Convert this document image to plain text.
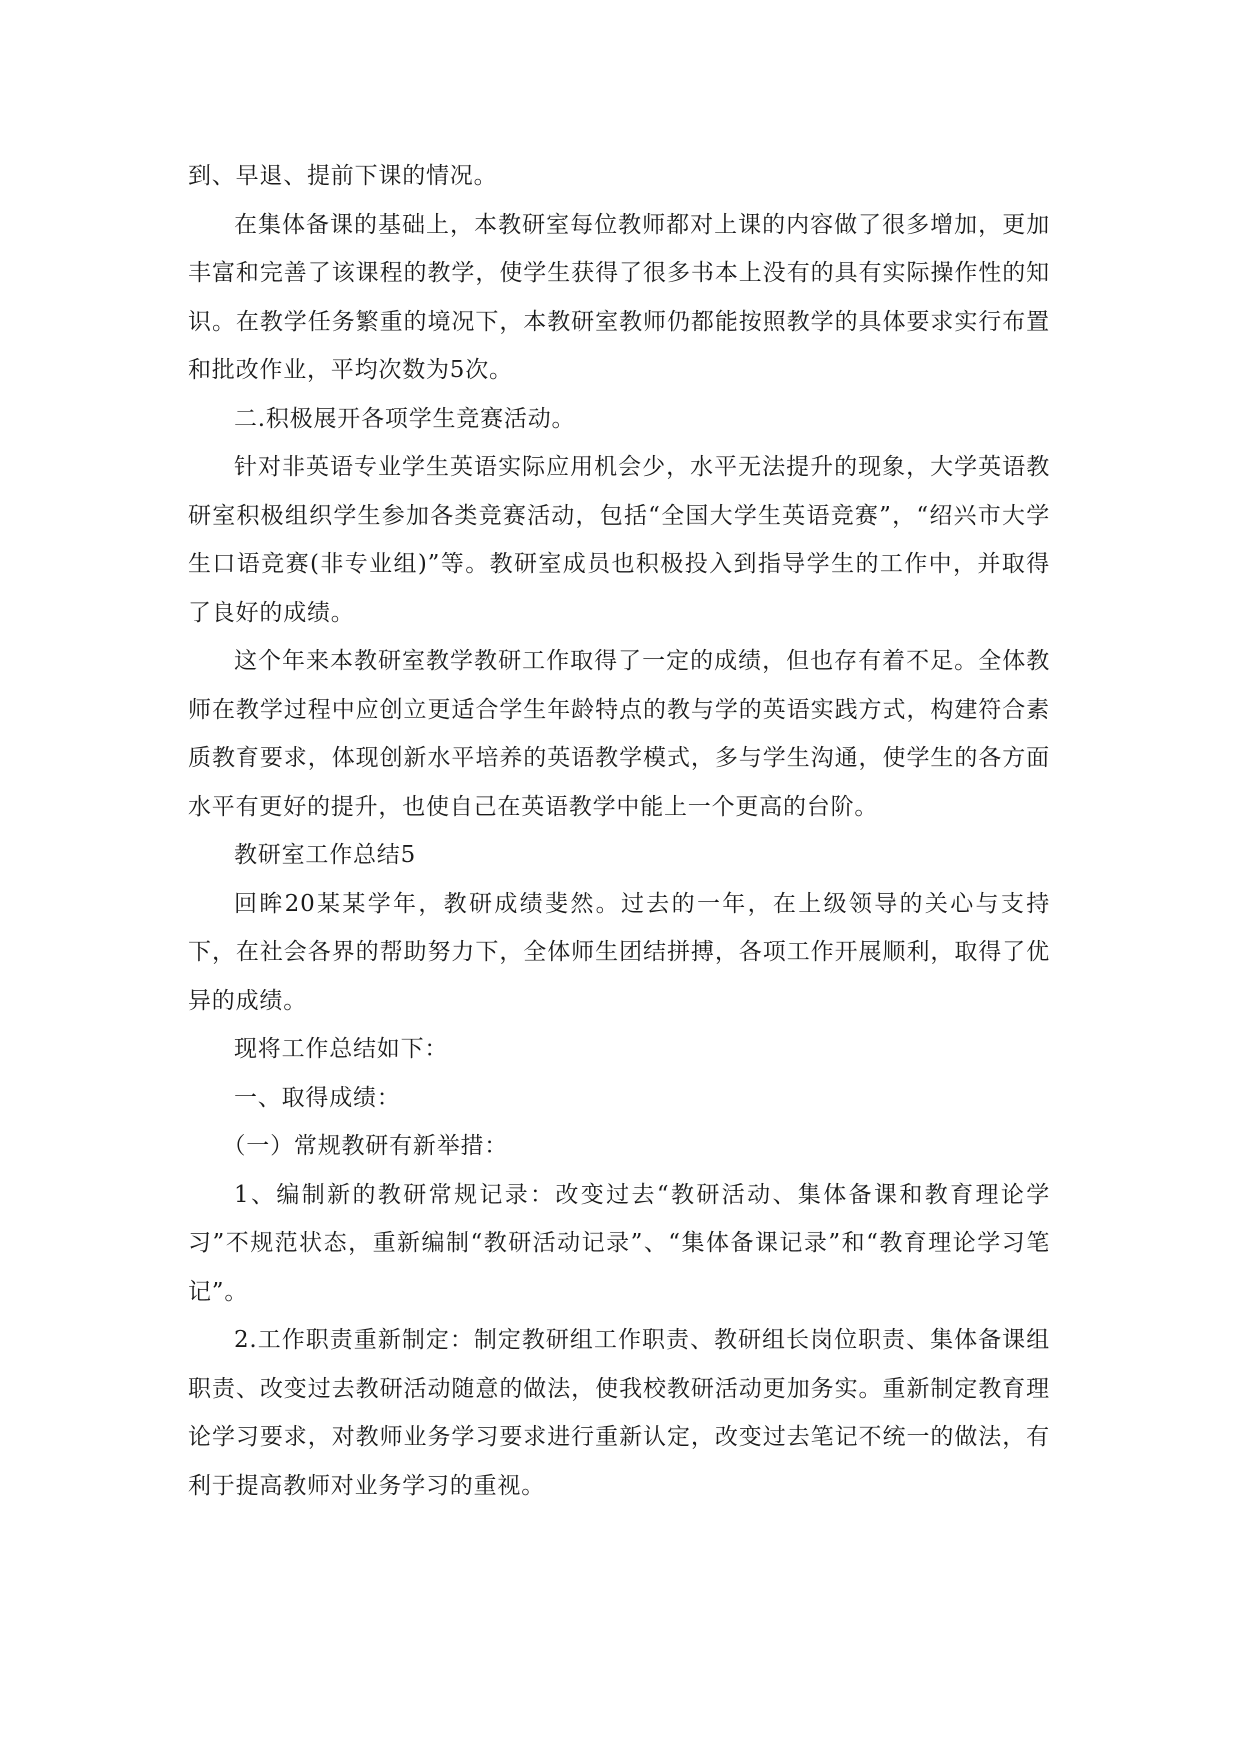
到、早退、提前下课的情况。

在集体备课的基础上，本教研室每位教师都对上课的内容做了很多增加，更加丰富和完善了该课程的教学，使学生获得了很多书本上没有的具有实际操作性的知识。在教学任务繁重的境况下，本教研室教师仍都能按照教学的具体要求实行布置和批改作业，平均次数为5次。

二.积极展开各项学生竞赛活动。

针对非英语专业学生英语实际应用机会少，水平无法提升的现象，大学英语教研室积极组织学生参加各类竞赛活动，包括“全国大学生英语竞赛”，“绍兴市大学生口语竞赛(非专业组)”等。教研室成员也积极投入到指导学生的工作中，并取得了良好的成绩。

这个年来本教研室教学教研工作取得了一定的成绩，但也存有着不足。全体教师在教学过程中应创立更适合学生年龄特点的教与学的英语实践方式，构建符合素质教育要求，体现创新水平培养的英语教学模式，多与学生沟通，使学生的各方面水平有更好的提升，也使自己在英语教学中能上一个更高的台阶。

教研室工作总结5

回眸20某某学年，教研成绩斐然。过去的一年，在上级领导的关心与支持下，在社会各界的帮助努力下，全体师生团结拼搏，各项工作开展顺利，取得了优异的成绩。

现将工作总结如下：

一、取得成绩：

（一）常规教研有新举措：

1、编制新的教研常规记录：改变过去“教研活动、集体备课和教育理论学习”不规范状态，重新编制“教研活动记录”、“集体备课记录”和“教育理论学习笔记”。

2.工作职责重新制定：制定教研组工作职责、教研组长岗位职责、集体备课组职责、改变过去教研活动随意的做法，使我校教研活动更加务实。重新制定教育理论学习要求，对教师业务学习要求进行重新认定，改变过去笔记不统一的做法，有利于提高教师对业务学习的重视。
